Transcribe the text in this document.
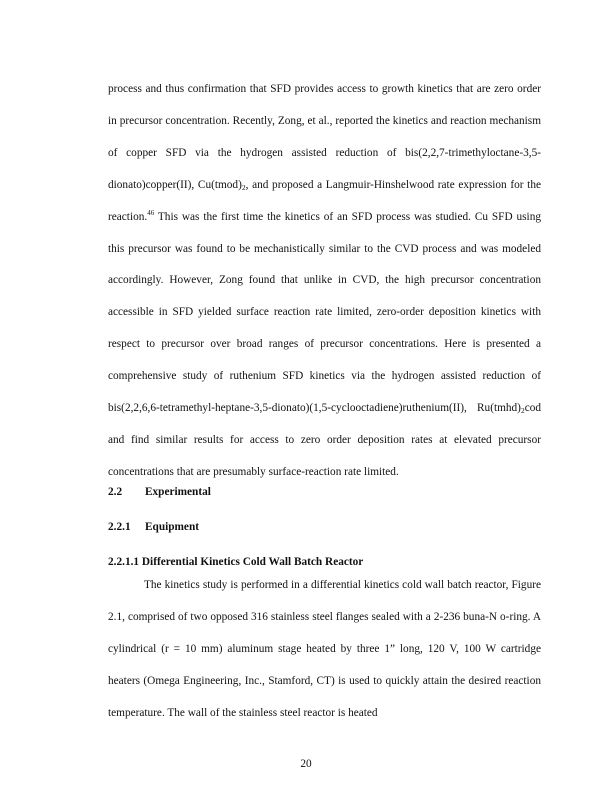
process and thus confirmation that SFD provides access to growth kinetics that are zero order in precursor concentration. Recently, Zong, et al., reported the kinetics and reaction mechanism of copper SFD via the hydrogen assisted reduction of bis(2,2,7-trimethyloctane-3,5-dionato)copper(II), $Cu(tmod)_2$, and proposed a Langmuir-Hinshelwood rate expression for the reaction.$^{46}$ This was the first time the kinetics of an SFD process was studied. Cu SFD using this precursor was found to be mechanistically similar to the CVD process and was modeled accordingly. However, Zong found that unlike in CVD, the high precursor concentration accessible in SFD yielded surface reaction rate limited, zero-order deposition kinetics with respect to precursor over broad ranges of precursor concentrations. Here is presented a comprehensive study of ruthenium SFD kinetics via the hydrogen assisted reduction of bis(2,2,6,6-tetramethyl-heptane-3,5-dionato)(1,5-cyclooctadiene)ruthenium(II), $Ru(tmhd)_2cod$ and find similar results for access to zero order deposition rates at elevated precursor concentrations that are presumably surface-reaction rate limited.

2.2 Experimental
2.2.1 Equipment
2.2.1.1 Differential Kinetics Cold Wall Batch Reactor

The kinetics study is performed in a differential kinetics cold wall batch reactor, Figure 2.1, comprised of two opposed 316 stainless steel flanges sealed with a 2-236 buna-N o-ring. A cylindrical (r = 10 mm) aluminum stage heated by three 1” long, 120 V, 100 W cartridge heaters (Omega Engineering, Inc., Stamford, CT) is used to quickly attain the desired reaction temperature. The wall of the stainless steel reactor is heated

20
